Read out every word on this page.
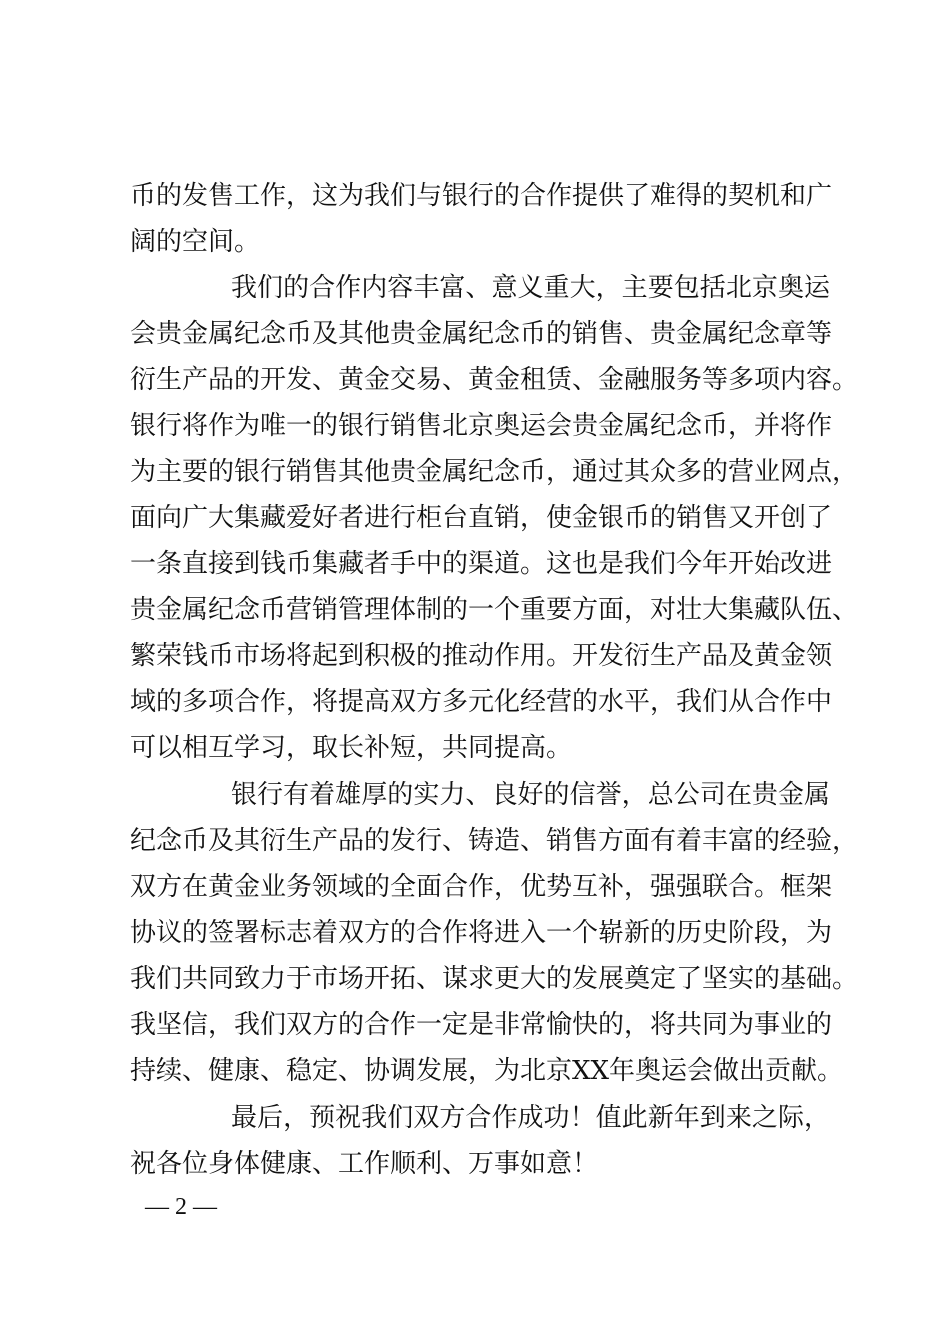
币的发售工作，这为我们与银行的合作提供了难得的契机和广

阔的空间。

我们的合作内容丰富、意义重大，主要包括北京奥运

会贵金属纪念币及其他贵金属纪念币的销售、贵金属纪念章等

衍生产品的开发、黄金交易、黄金租赁、金融服务等多项内容。

银行将作为唯一的银行销售北京奥运会贵金属纪念币，并将作

为主要的银行销售其他贵金属纪念币，通过其众多的营业网点，

面向广大集藏爱好者进行柜台直销，使金银币的销售又开创了

一条直接到钱币集藏者手中的渠道。这也是我们今年开始改进

贵金属纪念币营销管理体制的一个重要方面，对壮大集藏队伍、

繁荣钱币市场将起到积极的推动作用。开发衍生产品及黄金领

域的多项合作，将提高双方多元化经营的水平，我们从合作中

可以相互学习，取长补短，共同提高。

银行有着雄厚的实力、良好的信誉，总公司在贵金属

纪念币及其衍生产品的发行、铸造、销售方面有着丰富的经验，

双方在黄金业务领域的全面合作，优势互补，强强联合。框架

协议的签署标志着双方的合作将进入一个崭新的历史阶段，为

我们共同致力于市场开拓、谋求更大的发展奠定了坚实的基础。

我坚信，我们双方的合作一定是非常愉快的，将共同为事业的

持续、健康、稳定、协调发展，为北京XX年奥运会做出贡献。

最后，预祝我们双方合作成功！值此新年到来之际，

祝各位身体健康、工作顺利、万事如意！

— 2 —
